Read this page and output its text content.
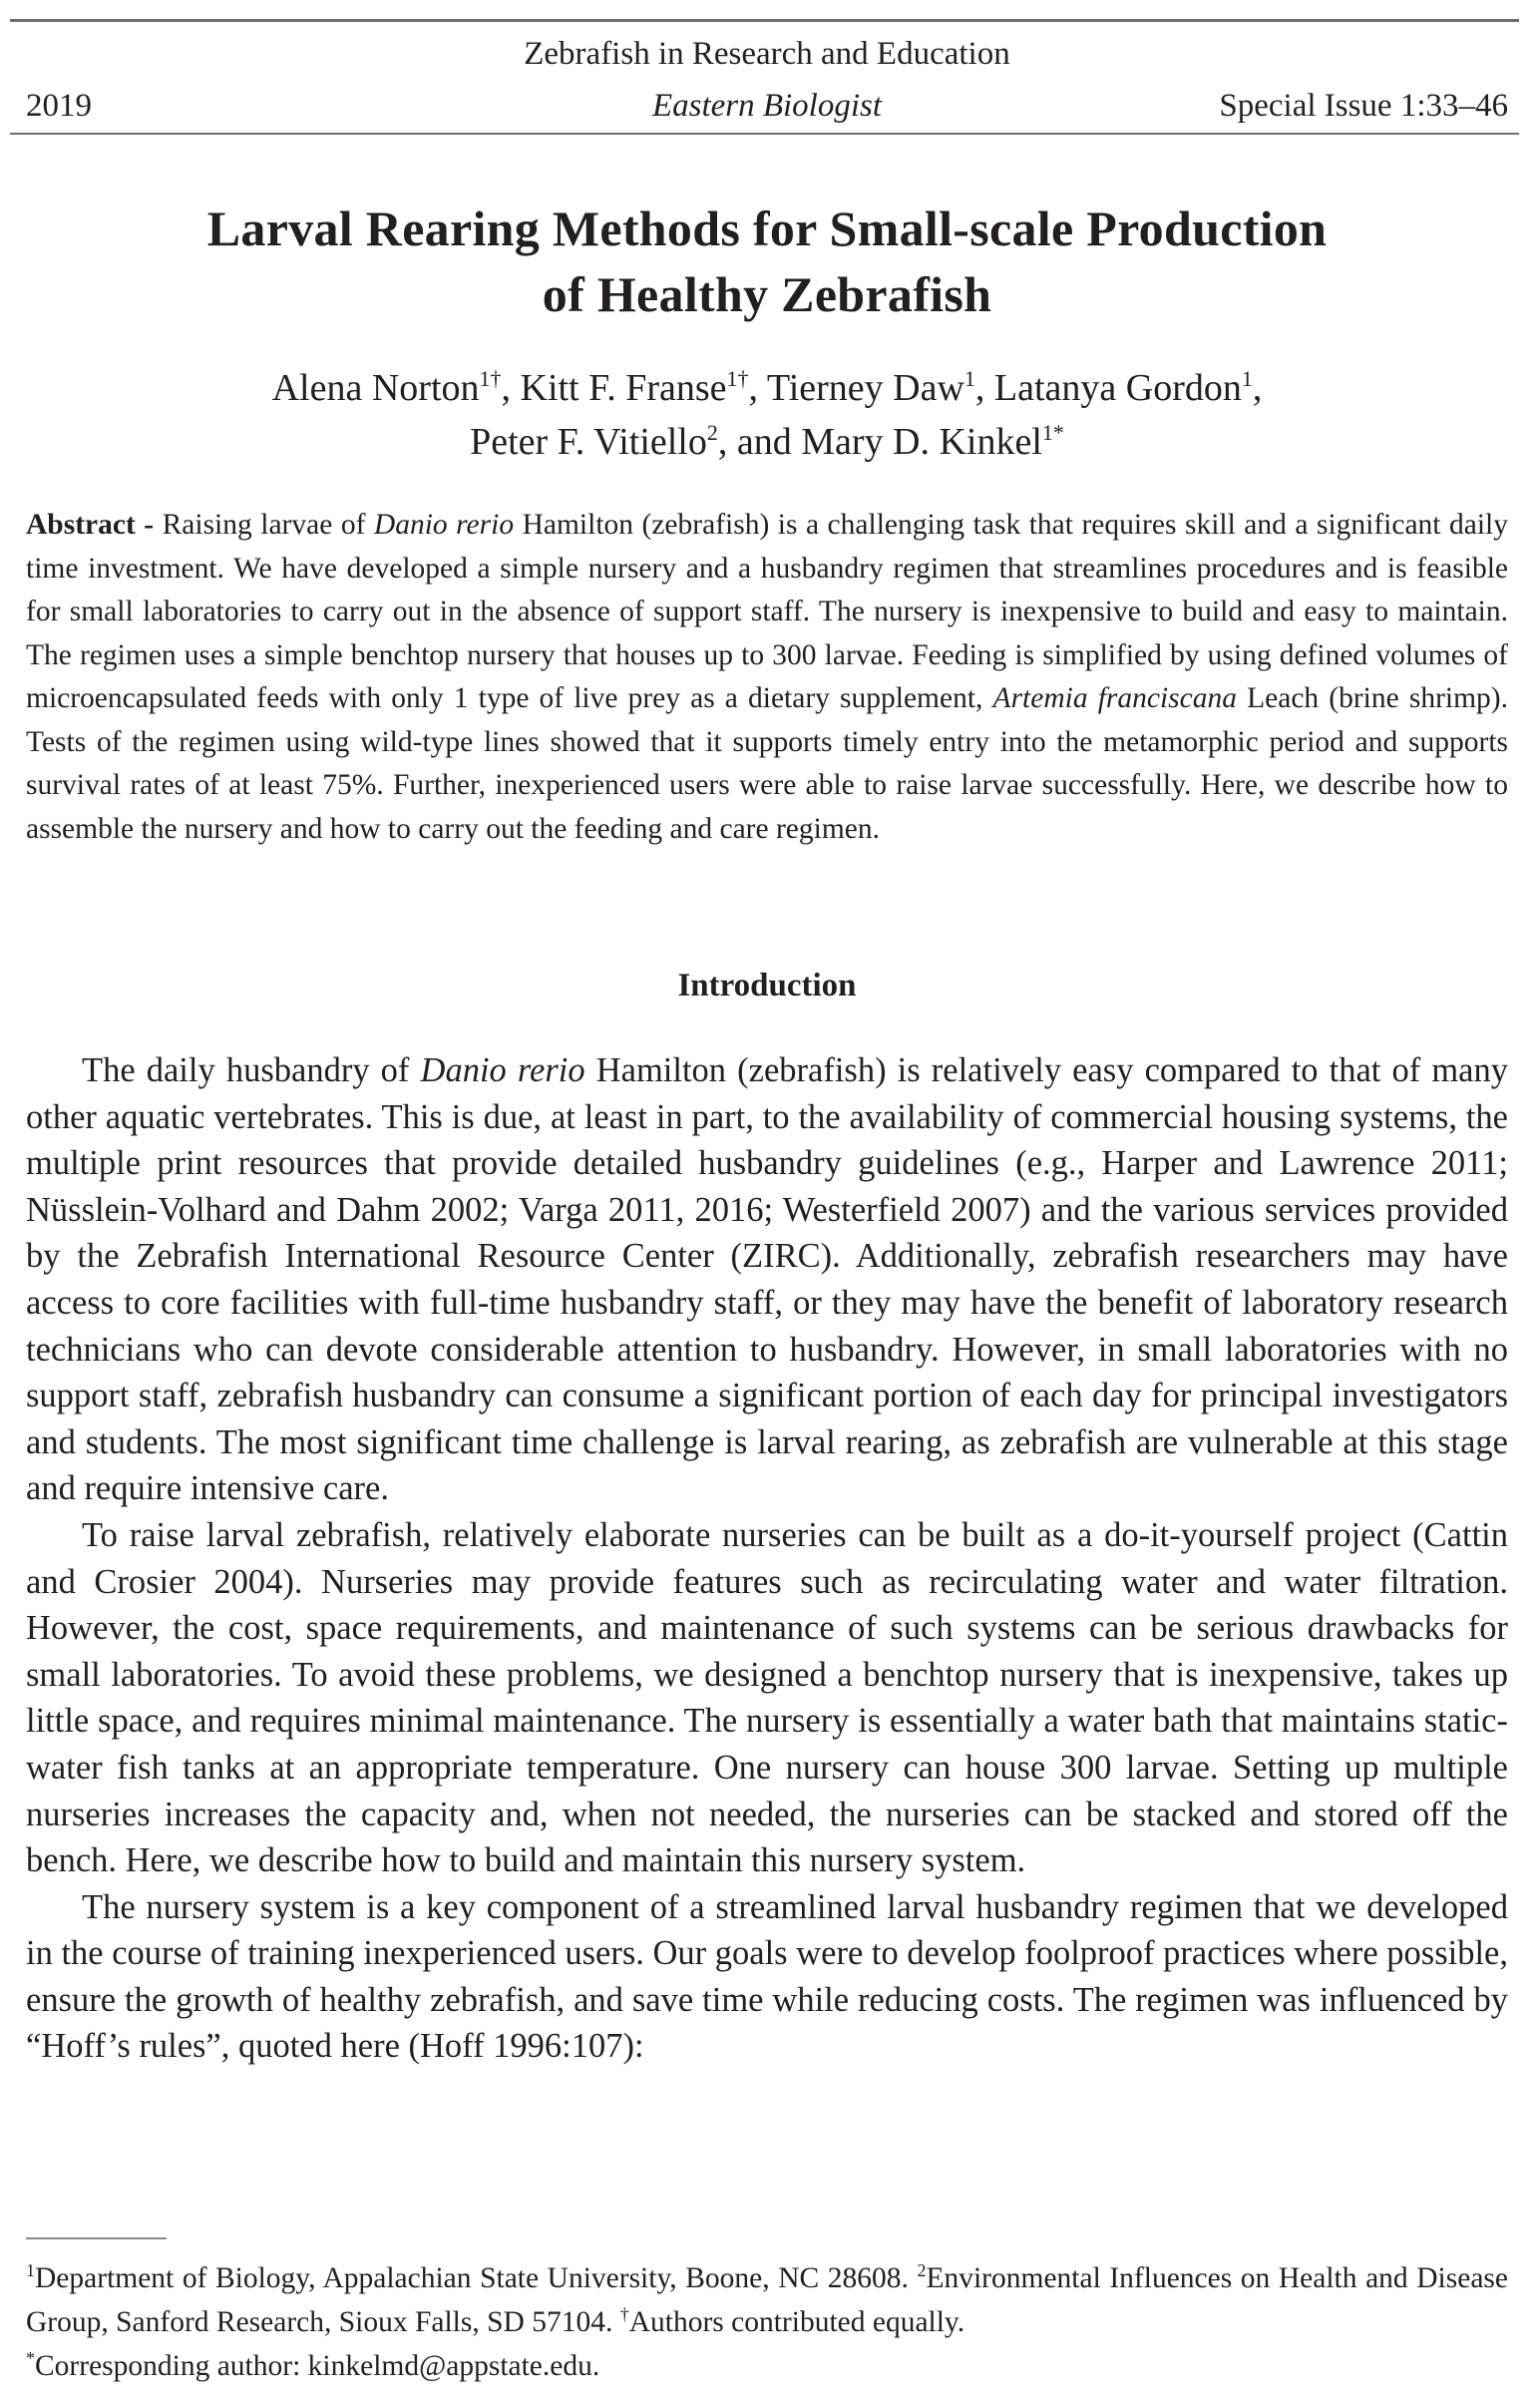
Zebrafish in Research and Education
2019	Eastern Biologist	Special Issue 1:33–46
Larval Rearing Methods for Small-scale Production
of Healthy Zebrafish
Alena Norton$^{1\dagger}$, Kitt F. Franse$^{1\dagger}$, Tierney Daw$^1$, Latanya Gordon$^1$,
Peter F. Vitiello$^2$, and Mary D. Kinkel$^{1*}$
Abstract - Raising larvae of Danio rerio Hamilton (zebrafish) is a challenging task that requires skill and a significant daily time investment. We have developed a simple nursery and a husbandry regimen that streamlines procedures and is feasible for small laboratories to carry out in the absence of support staff. The nursery is inexpensive to build and easy to maintain. The regimen uses a simple benchtop nursery that houses up to 300 larvae. Feeding is simplified by using defined volumes of microencapsulated feeds with only 1 type of live prey as a dietary supplement, Artemia franciscana Leach (brine shrimp). Tests of the regimen using wild-type lines showed that it supports timely entry into the metamorphic period and supports survival rates of at least 75%. Further, inexperienced users were able to raise larvae successfully. Here, we describe how to assemble the nursery and how to carry out the feeding and care regimen.
Introduction

The daily husbandry of Danio rerio Hamilton (zebrafish) is relatively easy compared to that of many other aquatic vertebrates. This is due, at least in part, to the availability of commercial housing systems, the multiple print resources that provide detailed husbandry guidelines (e.g., Harper and Lawrence 2011; Nüsslein-Volhard and Dahm 2002; Varga 2011, 2016; Westerfield 2007) and the various services provided by the Zebrafish International Resource Center (ZIRC). Additionally, zebrafish researchers may have access to core facilities with full-time husbandry staff, or they may have the benefit of laboratory research technicians who can devote considerable attention to husbandry. However, in small laboratories with no support staff, zebrafish husbandry can consume a significant portion of each day for principal investigators and students. The most significant time challenge is larval rearing, as zebrafish are vulnerable at this stage and require intensive care.

To raise larval zebrafish, relatively elaborate nurseries can be built as a do-it-yourself project (Cattin and Crosier 2004). Nurseries may provide features such as recirculating water and water filtration. However, the cost, space requirements, and maintenance of such systems can be serious drawbacks for small laboratories. To avoid these problems, we designed a benchtop nursery that is inexpensive, takes up little space, and requires minimal maintenance. The nursery is essentially a water bath that maintains static-water fish tanks at an appropriate temperature. One nursery can house 300 larvae. Setting up multiple nurseries increases the capacity and, when not needed, the nurseries can be stacked and stored off the bench. Here, we describe how to build and maintain this nursery system.

The nursery system is a key component of a streamlined larval husbandry regimen that we developed in the course of training inexperienced users. Our goals were to develop foolproof practices where possible, ensure the growth of healthy zebrafish, and save time while reducing costs. The regimen was influenced by “Hoff’s rules”, quoted here (Hoff 1996:107):

$^1$Department of Biology, Appalachian State University, Boone, NC 28608. $^2$Environmental Influences on Health and Disease Group, Sanford Research, Sioux Falls, SD 57104. †Authors contributed equally.
*Corresponding author: kinkelmd@appstate.edu.
